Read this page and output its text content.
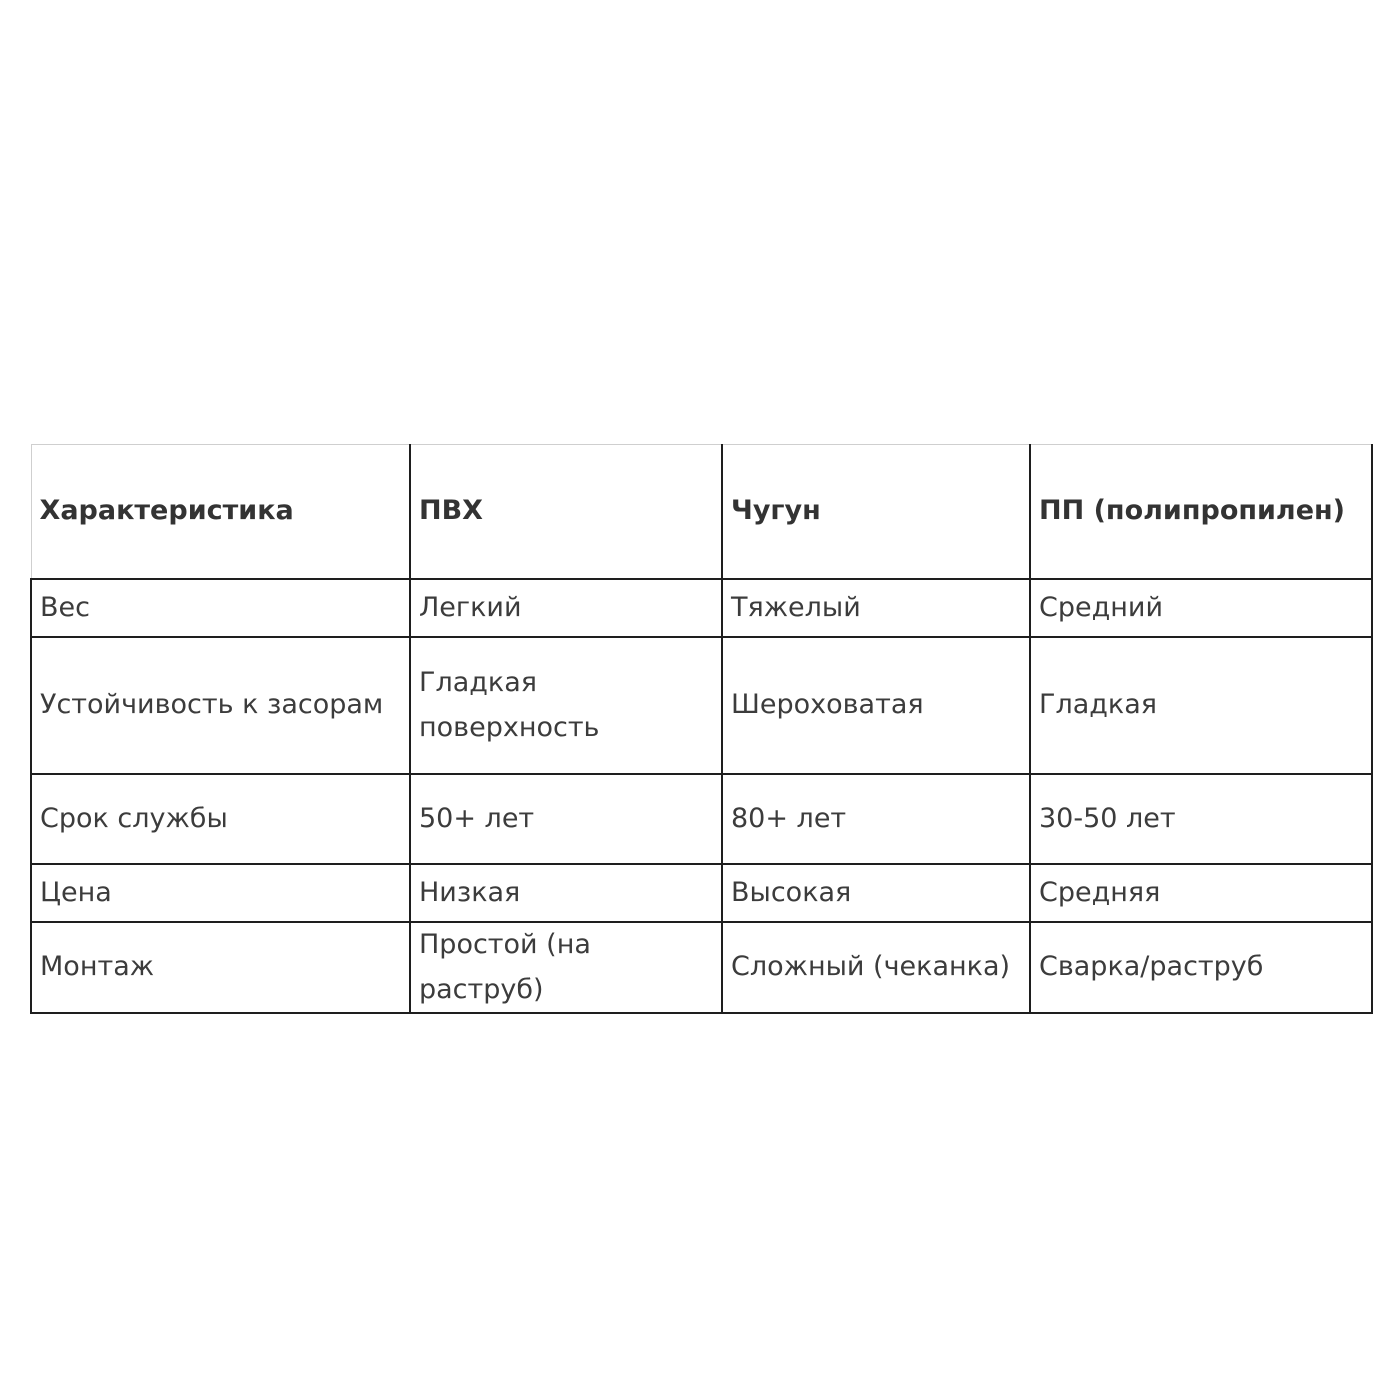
Характеристика	ПВХ	Чугун	ПП (полипропилен)
Вес	Легкий	Тяжелый	Средний
Устойчивость к засорам	Гладкая поверхность	Шероховатая	Гладкая
Срок службы	50+ лет	80+ лет	30-50 лет
Цена	Низкая	Высокая	Средняя
Монтаж	Простой (на раструб)	Сложный (чеканка)	Сварка/раструб
